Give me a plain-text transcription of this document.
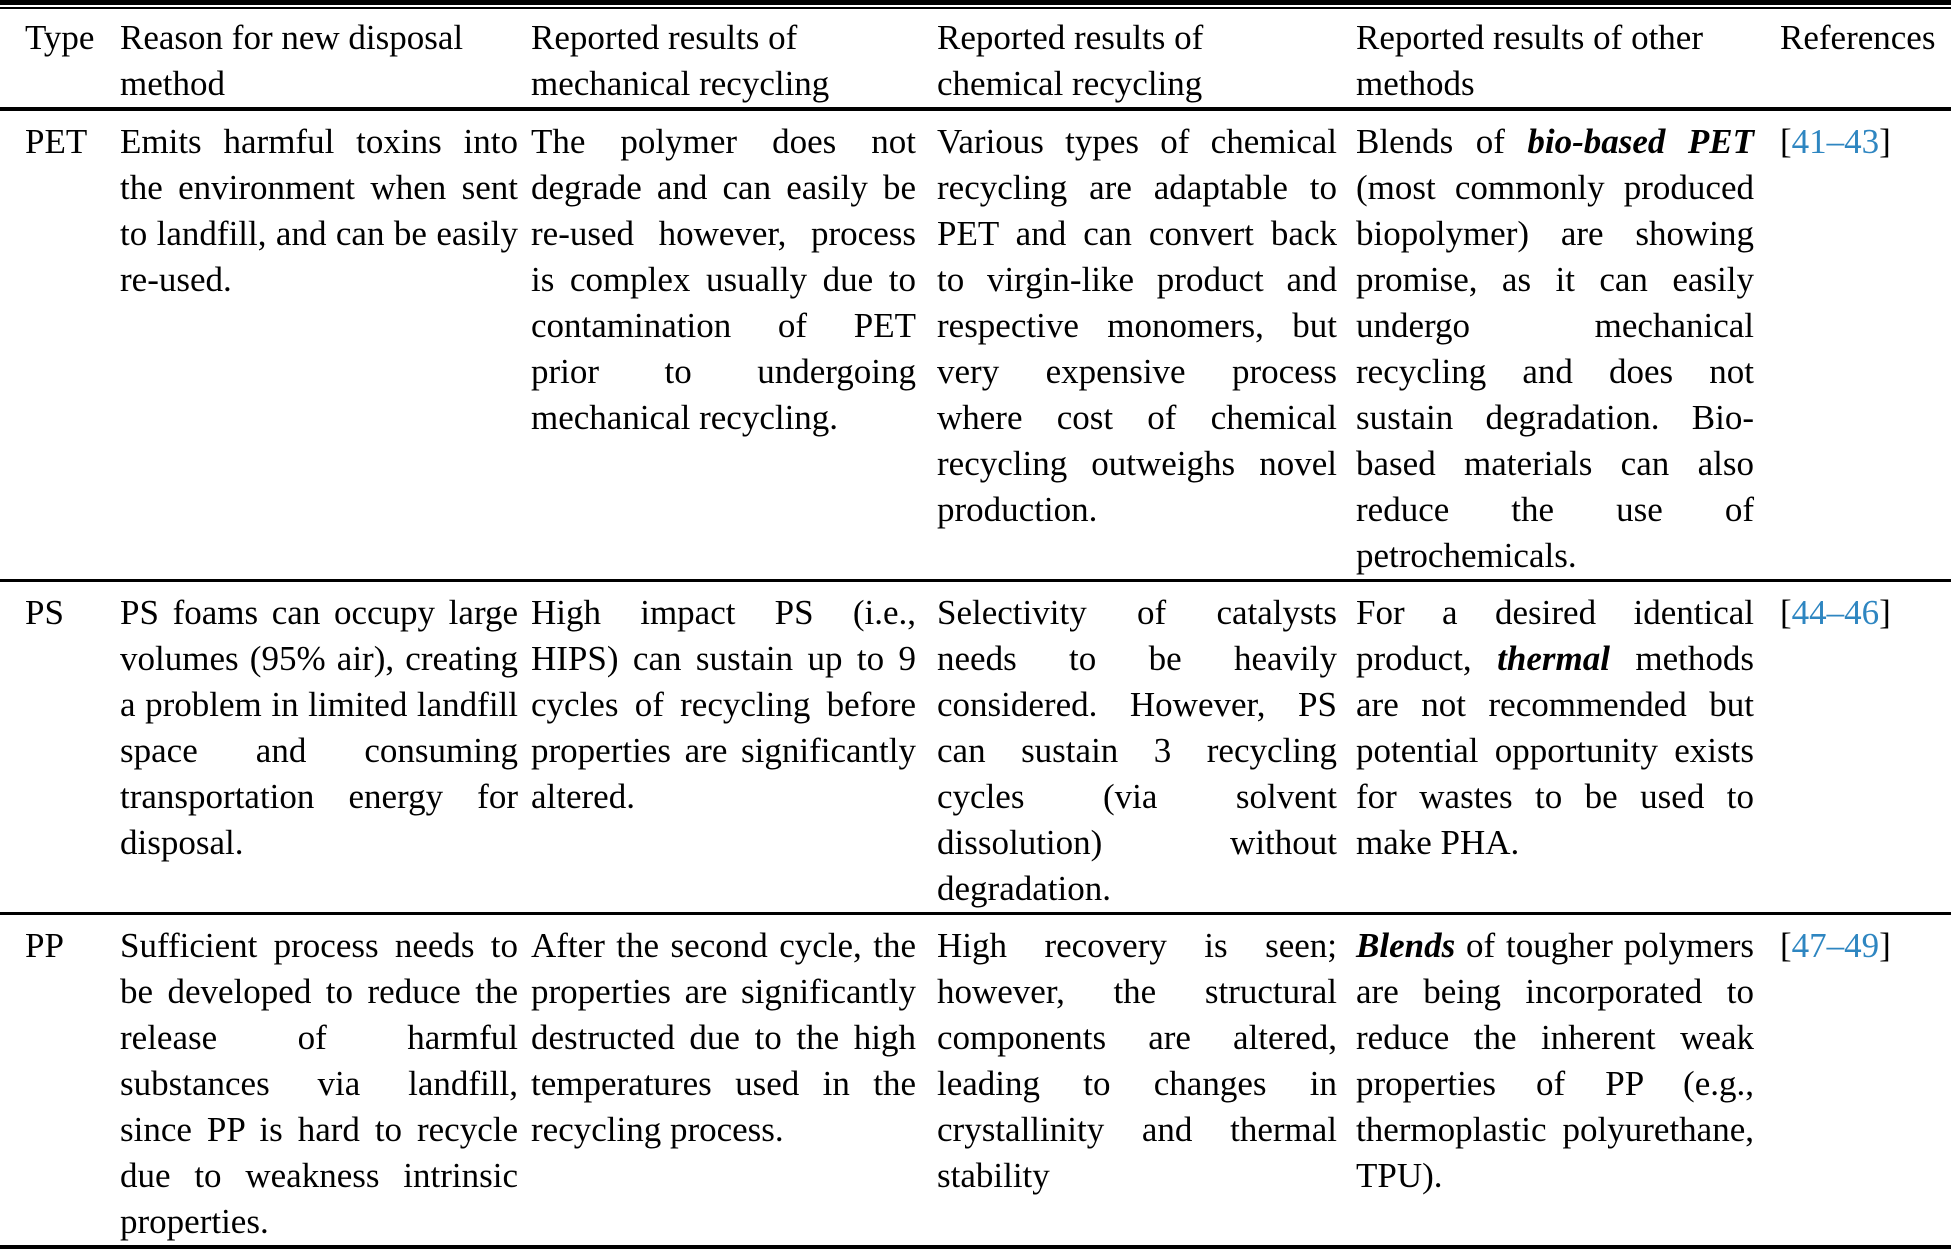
Type	Reason for new disposal method	Reported results of mechanical recycling	Reported results of chemical recycling	Reported results of other methods	References
PET	Emits harmful toxins into the environment when sent to landfill, and can be easily re-used.	The polymer does not degrade and can easily be re-used however, process is complex usually due to contamination of PET prior to undergoing mechanical recycling.	Various types of chemical recycling are adaptable to PET and can convert back to virgin-like product and respective monomers, but very expensive process where cost of chemical recycling outweighs novel production.	Blends of bio-based PET (most commonly produced biopolymer) are showing promise, as it can easily undergo mechanical recycling and does not sustain degradation. Bio-based materials can also reduce the use of petrochemicals.	[41–43]
PS	PS foams can occupy large volumes (95% air), creating a problem in limited landfill space and consuming transportation energy for disposal.	High impact PS (i.e., HIPS) can sustain up to 9 cycles of recycling before properties are significantly altered.	Selectivity of catalysts needs to be heavily considered. However, PS can sustain 3 recycling cycles (via solvent dissolution) without degradation.	For a desired identical product, thermal methods are not recommended but potential opportunity exists for wastes to be used to make PHA.	[44–46]
PP	Sufficient process needs to be developed to reduce the release of harmful substances via landfill, since PP is hard to recycle due to weakness intrinsic properties.	After the second cycle, the properties are significantly destructed due to the high temperatures used in the recycling process.	High recovery is seen; however, the structural components are altered, leading to changes in crystallinity and thermal stability	Blends of tougher polymers are being incorporated to reduce the inherent weak properties of PP (e.g., thermoplastic polyurethane, TPU).	[47–49]
